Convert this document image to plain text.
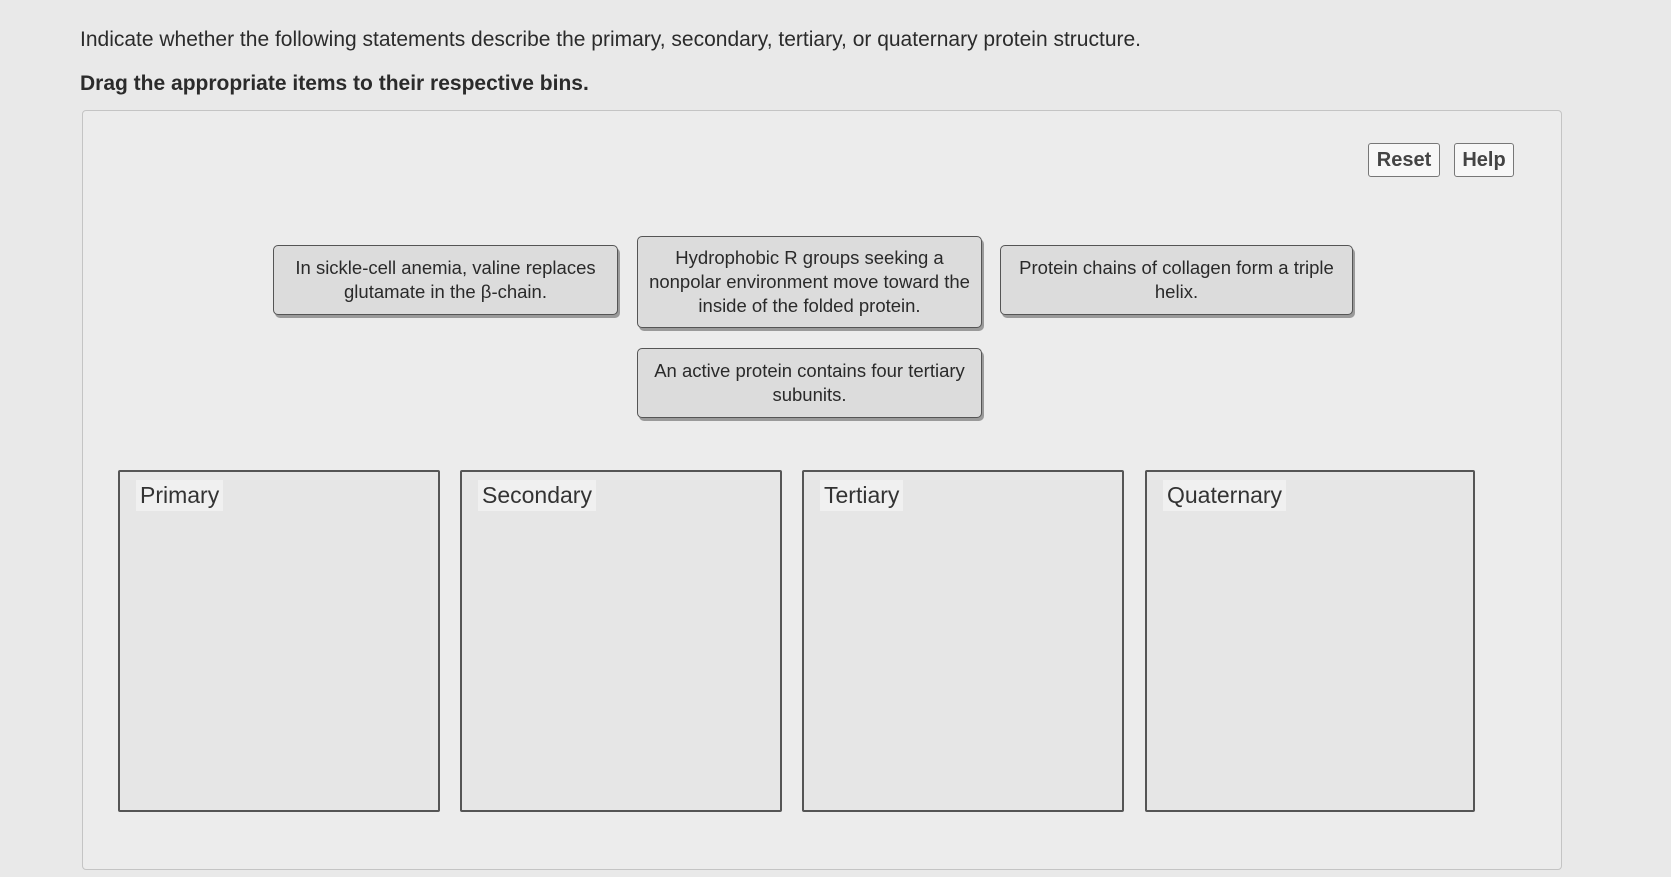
Indicate whether the following statements describe the primary, secondary, tertiary, or quaternary protein structure.
Drag the appropriate items to their respective bins.
Reset	Help
In sickle-cell anemia, valine replaces glutamate in the β-chain.
Hydrophobic R groups seeking a nonpolar environment move toward the inside of the folded protein.
Protein chains of collagen form a triple helix.
An active protein contains four tertiary subunits.
Primary	Secondary	Tertiary	Quaternary
